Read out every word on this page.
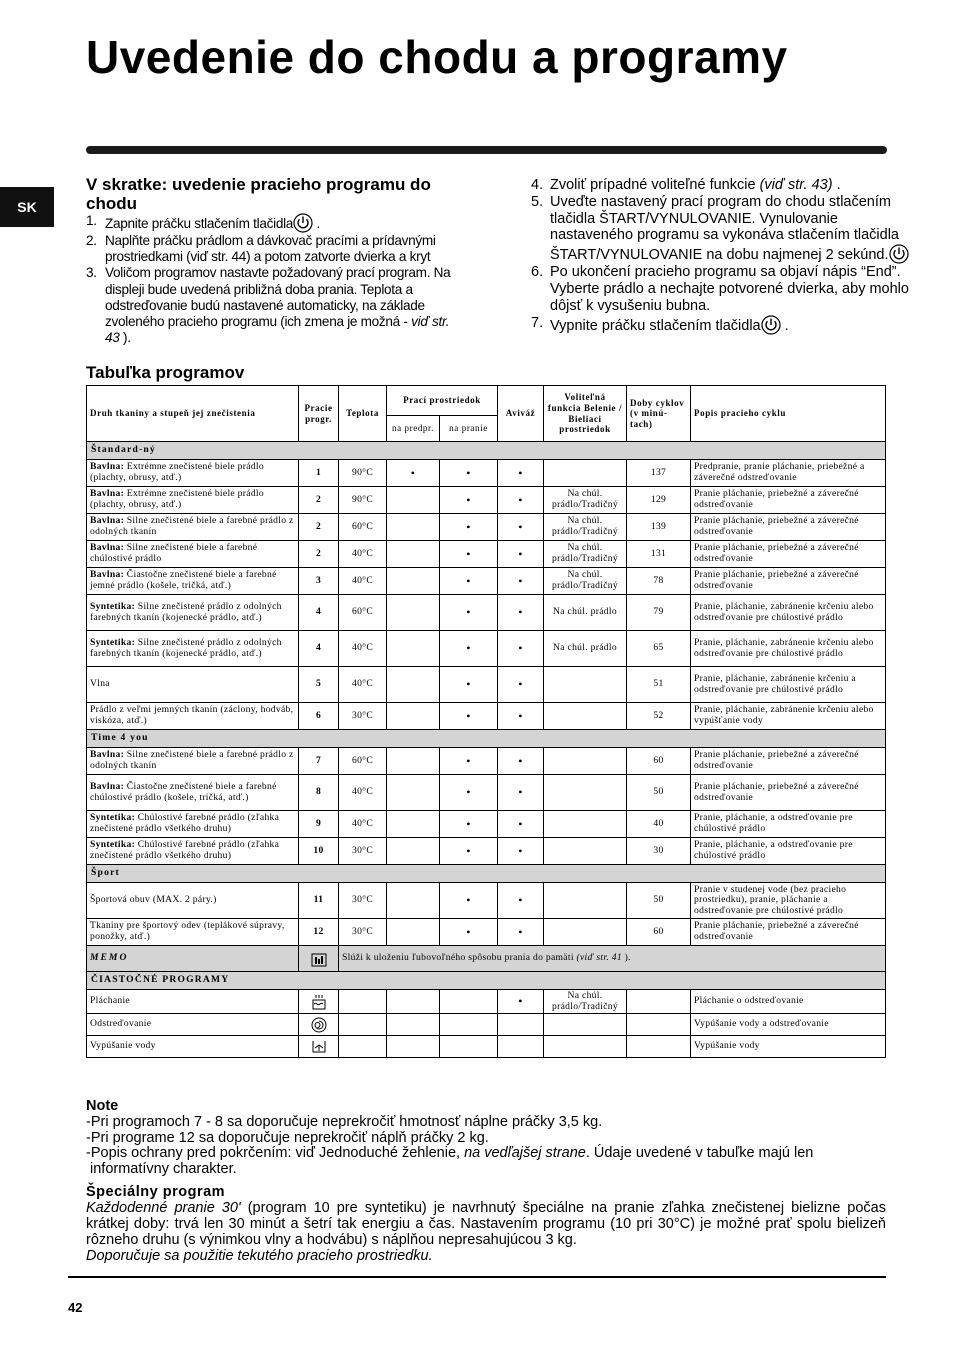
Uvedenie do chodu a programy
SK
V skratke: uvedenie pracieho programu do chodu
1. Zapnite práčku stlačením tlačidla .
2. Naplňte práčku prádlom a dávkovač pracími a prídavnými prostriedkami (viď str. 44) a potom zatvorte dvierka a kryt
3. Voličom programov nastavte požadovaný prací program. Na displeji bude uvedená približná doba prania. Teplota a odstreďovanie budú nastavené automaticky, na základe zvoleného pracieho programu (ich zmena je možná - viď str. 43 ).
4. Zvoliť prípadné voliteľné funkcie (viď str. 43) .
5. Uveďte nastavený prací program do chodu stlačením tlačidla ŠTART/VYNULOVANIE. Vynulovanie nastaveného programu sa vykonáva stlačením tlačidla ŠTART/VYNULOVANIE na dobu najmenej 2 sekúnd.
6. Po ukončení pracieho programu sa objaví nápis “End”. Vyberte prádlo a nechajte potvorené dvierka, aby mohlo dôjsť k vysušeniu bubna.
7. Vypnite práčku stlačením tlačidla .
Tabuľka programov
Druh tkaniny a stupeň jej znečistenia	Pracie progr.	Teplota	Prací prostriedok		Aviváž	Voliteľná funkcia Belenie / Bieliaci prostriedok	Doby cyklov (v minú-tach)	Popis pracieho cyklu
			na predpr.	na pranie				
Štandard-ný								
Bavlna: Extrémne znečistené biele prádlo (plachty, obrusy, atď.)	1	90°C	•	•	•		137	Predpranie, pranie pláchanie, priebežné a záverečné odstreďovanie
Bavlna: Extrémne znečistené biele prádlo (plachty, obrusy, atď.)	2	90°C		•	•	Na chúl. prádlo/Tradičný	129	Pranie pláchanie, priebežné a záverečné odstreďovanie
Bavlna: Silne znečistené biele a farebné prádlo z odolných tkanín	2	60°C		•	•	Na chúl. prádlo/Tradičný	139	Pranie pláchanie, priebežné a záverečné odstreďovanie
Bavlna: Silne znečistené biele a farebné chúlostivé prádlo	2	40°C		•	•	Na chúl. prádlo/Tradičný	131	Pranie pláchanie, priebežné a záverečné odstreďovanie
Bavlna: Čiastočne znečistené biele a farebné jemné prádlo (košele, tričká, atď.)	3	40°C		•	•	Na chúl. prádlo/Tradičný	78	Pranie pláchanie, priebežné a záverečné odstreďovanie
Syntetika: Silne znečistené prádlo z odolných farebných tkanín (kojenecké prádlo, atď.)	4	60°C		•	•	Na chúl. prádlo	79	Pranie, pláchanie, zabránenie krčeniu alebo odstreďovanie pre chúlostivé prádlo
Syntetika: Silne znečistené prádlo z odolných farebných tkanín (kojenecké prádlo, atď.)	4	40°C		•	•	Na chúl. prádlo	65	Pranie, pláchanie, zabránenie krčeniu alebo odstreďovanie pre chúlostivé prádlo
Vlna	5	40°C		•	•		51	Pranie, pláchanie, zabránenie krčeniu a odstreďovanie pre chúlostivé prádlo
Prádlo z veľmi jemných tkanín (záclony, hodváb, viskóza, atď.)	6	30°C		•	•		52	Pranie, pláchanie, zabránenie krčeniu alebo vypúšťanie vody
Time 4 you								
Bavlna: Silne znečistené biele a farebné prádlo z odolných tkanín	7	60°C		•	•		60	Pranie pláchanie, priebežné a záverečné odstreďovanie
Bavlna: Čiastočne znečistené biele a farebné chúlostivé prádlo (košele, tričká, atď.)	8	40°C		•	•		50	Pranie pláchanie, priebežné a záverečné odstreďovanie
Syntetika: Chúlostivé farebné prádlo (zľahka znečistené prádlo všetkého druhu)	9	40°C		•	•		40	Pranie, pláchanie, a odstreďovanie pre chúlostivé prádlo
Syntetika: Chúlostivé farebné prádlo (zľahka znečistené prádlo všetkého druhu)	10	30°C		•	•		30	Pranie, pláchanie, a odstreďovanie pre chúlostivé prádlo
Šport								
Športová obuv (MAX. 2 páry.)	11	30°C		•	•		50	Pranie v studenej vode (bez pracieho prostriedku), pranie, pláchanie a odstreďovanie pre chúlostivé prádlo
Tkaniny pre športový odev (teplákové súpravy, ponožky, atď.)	12	30°C		•	•		60	Pranie pláchanie, priebežné a záverečné odstreďovanie
MEMO		Slúži k uloženiu ľubovoľného spôsobu prania do pamäti (viď str. 41 ).						
ČIASTOČNÉ PROGRAMY								
Pláchanie					•	Na chúl. prádlo/Tradičný		Pláchanie o odstreďovanie
Odstreďovanie								Vypúšanie vody a odstreďovanie
Vypúšanie vody								Vypúšanie vody

Note

-Pri programoch 7 - 8 sa doporučuje neprekročiť hmotnosť náplne práčky 3,5 kg.

-Pri programe 12 sa doporučuje neprekročiť náplň práčky 2 kg.

-Popis ochrany pred pokrčením: viď Jednoduché žehlenie, na vedľajšej strane. Údaje uvedené v tabuľke majú len

informatívny charakter.

Špeciálny program
Každodenné pranie 30' (program 10 pre syntetiku) je navrhnutý špeciálne na pranie zľahka znečistenej bielizne počas krátkej doby: trvá len 30 minút a šetrí tak energiu a čas. Nastavením programu (10 pri 30°C) je možné prať spolu bielizeň rôzneho druhu (s výnimkou vlny a hodvábu) s náplňou nepresahujúcou 3 kg.
Doporučuje sa použitie tekutého pracieho prostriedku.
42
